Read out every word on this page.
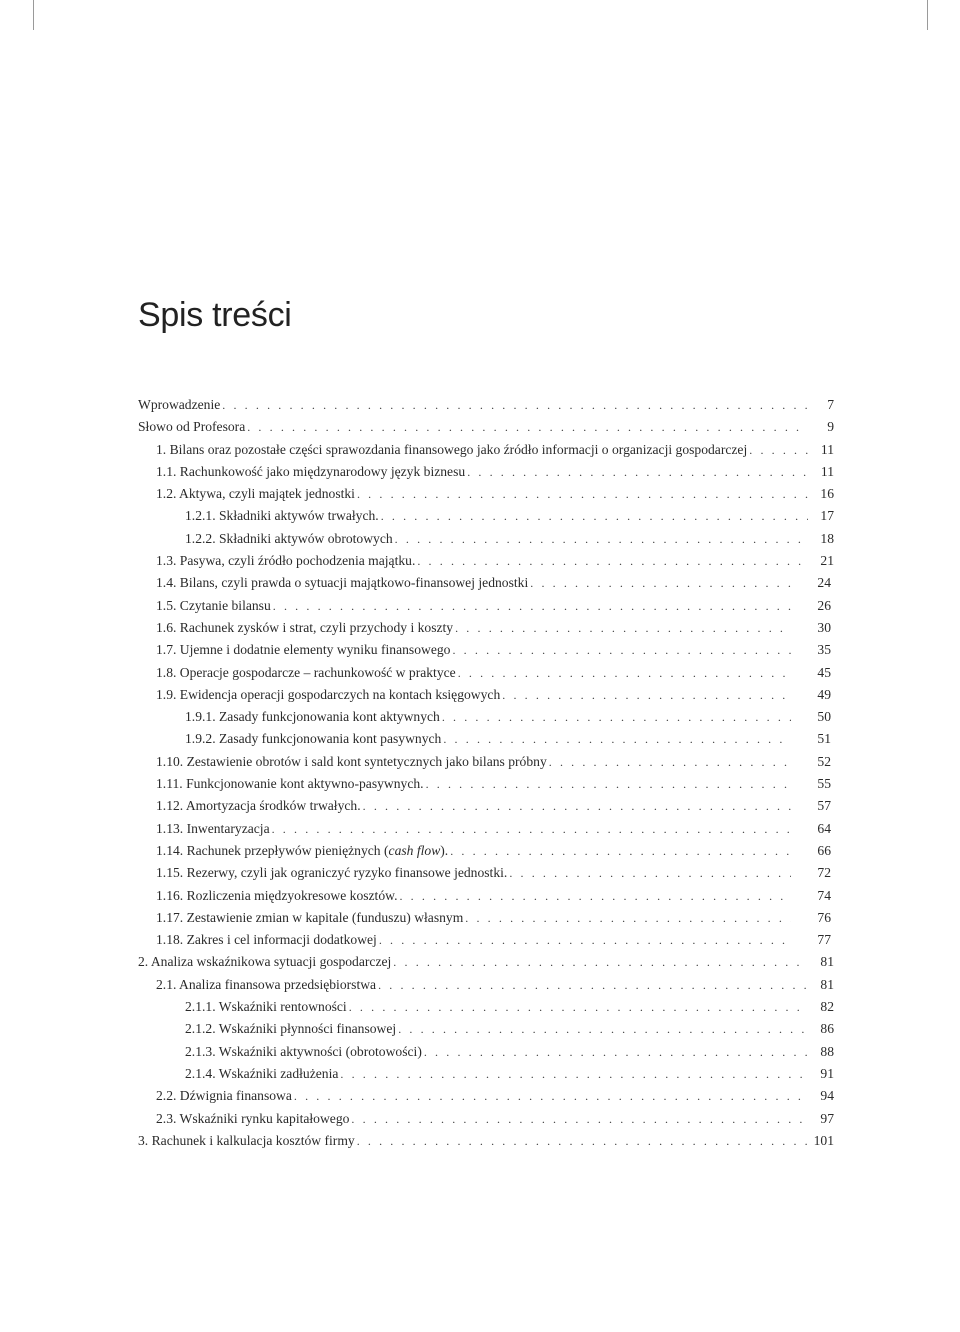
Spis treści
Wprowadzenie . . .	7
Słowo od Profesora . . .	9
1. Bilans oraz pozostałe części sprawozdania finansowego jako źródło informacji o organizacji gospodarczej . . .	11
1.1. Rachunkowość jako międzynarodowy język biznesu . . .	11
1.2. Aktywa, czyli majątek jednostki . . .	16
1.2.1. Składniki aktywów trwałych. . . .	17
1.2.2. Składniki aktywów obrotowych . . .	18
1.3. Pasywa, czyli źródło pochodzenia majątku. . . .	21
1.4. Bilans, czyli prawda o sytuacji majątkowo-finansowej jednostki . . .	24
1.5. Czytanie bilansu . . .	26
1.6. Rachunek zysków i strat, czyli przychody i koszty . . .	30
1.7. Ujemne i dodatnie elementy wyniku finansowego . . .	35
1.8. Operacje gospodarcze – rachunkowość w praktyce . . .	45
1.9. Ewidencja operacji gospodarczych na kontach księgowych . . .	49
1.9.1. Zasady funkcjonowania kont aktywnych . . .	50
1.9.2. Zasady funkcjonowania kont pasywnych . . .	51
1.10. Zestawienie obrotów i sald kont syntetycznych jako bilans próbny . . .	52
1.11. Funkcjonowanie kont aktywno-pasywnych. . . .	55
1.12. Amortyzacja środków trwałych. . . .	57
1.13. Inwentaryzacja . . .	64
1.14. Rachunek przepływów pieniężnych (cash flow). . . .	66
1.15. Rezerwy, czyli jak ograniczyć ryzyko finansowe jednostki. . . .	72
1.16. Rozliczenia międzyokresowe kosztów. . . .	74
1.17. Zestawienie zmian w kapitale (funduszu) własnym . . .	76
1.18. Zakres i cel informacji dodatkowej . . .	77
2. Analiza wskaźnikowa sytuacji gospodarczej . . .	81
2.1. Analiza finansowa przedsiębiorstwa . . .	81
2.1.1. Wskaźniki rentowności . . .	82
2.1.2. Wskaźniki płynności finansowej . . .	86
2.1.3. Wskaźniki aktywności (obrotowości) . . .	88
2.1.4. Wskaźniki zadłużenia . . .	91
2.2. Dźwignia finansowa . . .	94
2.3. Wskaźniki rynku kapitałowego . . .	97
3. Rachunek i kalkulacja kosztów firmy . . .	101
